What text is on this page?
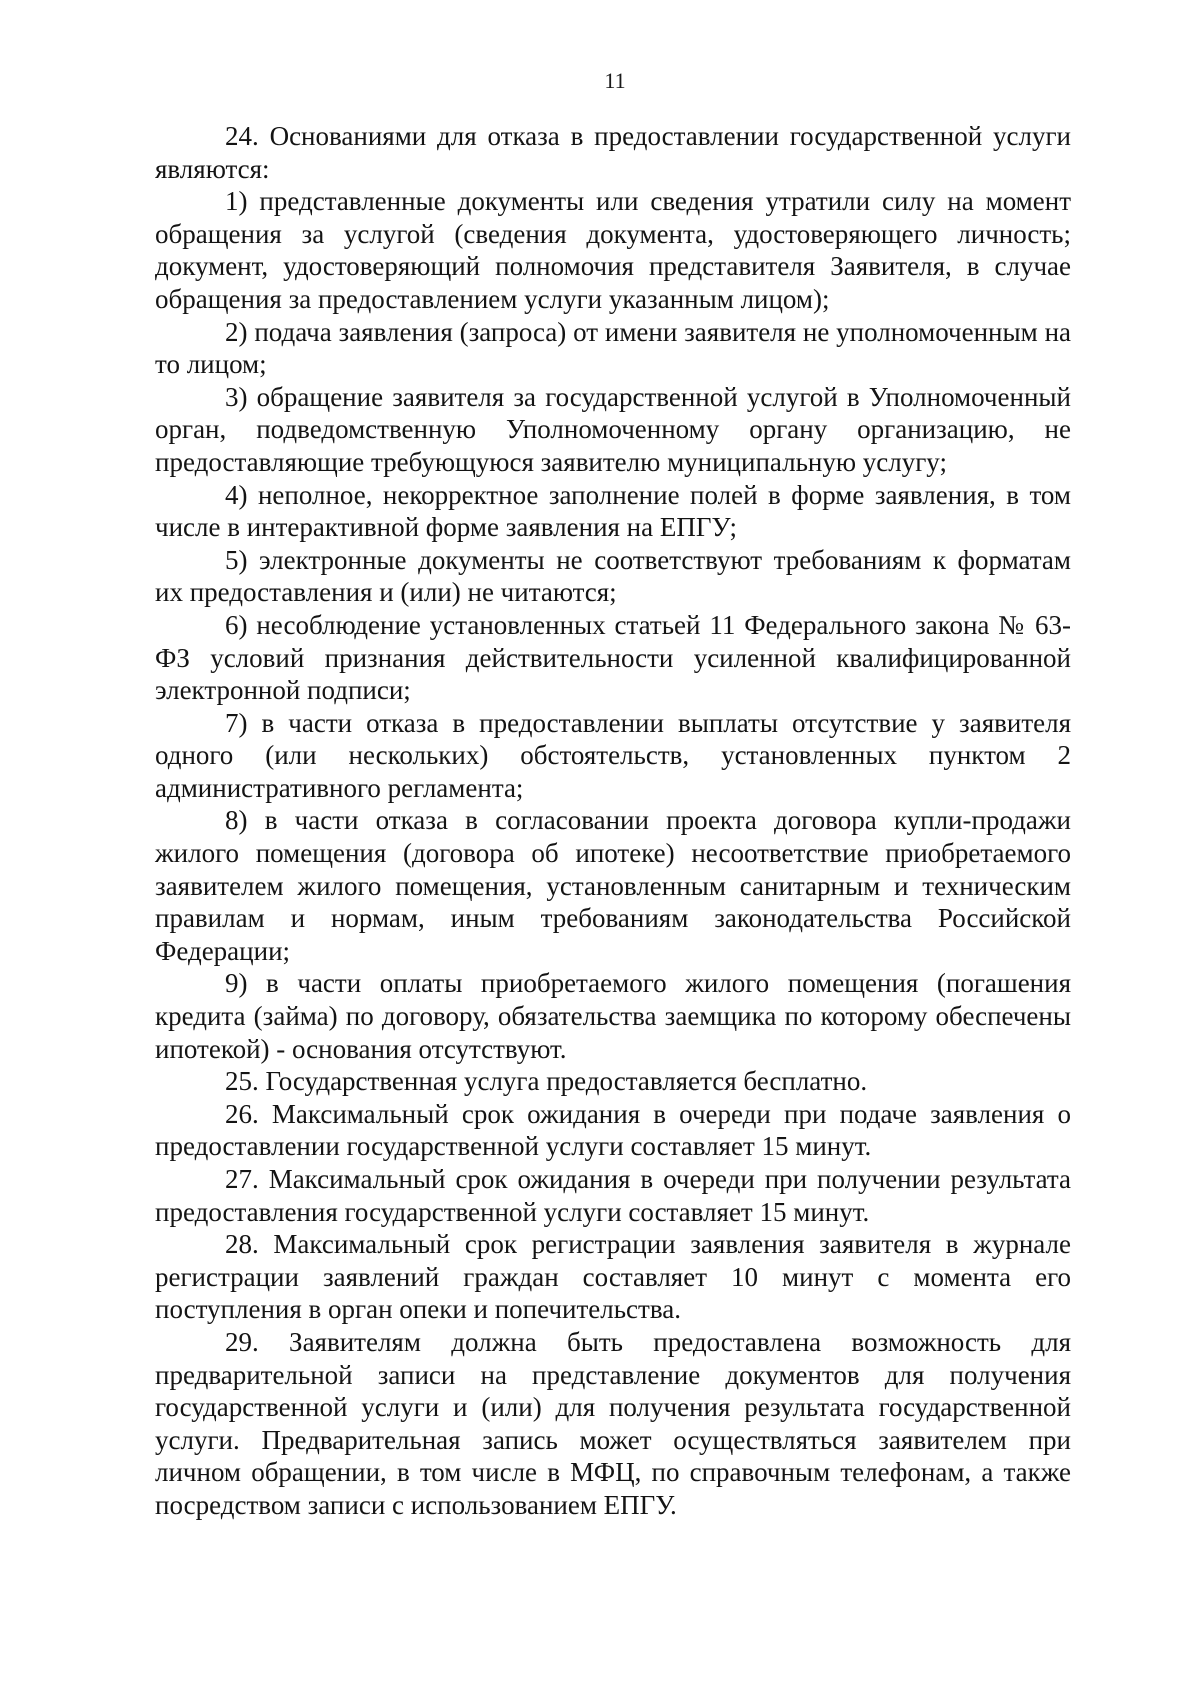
11

24. Основаниями для отказа в предоставлении государственной услуги являются:

1) представленные документы или сведения утратили силу на момент обращения за услугой (сведения документа, удостоверяющего личность; документ, удостоверяющий полномочия представителя Заявителя, в случае обращения за предоставлением услуги указанным лицом);

2) подача заявления (запроса) от имени заявителя не уполномоченным на то лицом;

3) обращение заявителя за государственной услугой в Уполномоченный орган, подведомственную Уполномоченному органу организацию, не предоставляющие требующуюся заявителю муниципальную услугу;

4) неполное, некорректное заполнение полей в форме заявления, в том числе в интерактивной форме заявления на ЕПГУ;

5) электронные документы не соответствуют требованиям к форматам их предоставления и (или) не читаются;

6) несоблюдение установленных статьей 11 Федерального закона № 63-ФЗ условий признания действительности усиленной квалифицированной электронной подписи;

7) в части отказа в предоставлении выплаты отсутствие у заявителя одного (или нескольких) обстоятельств, установленных пунктом 2 административного регламента;

8) в части отказа в согласовании проекта договора купли-продажи жилого помещения (договора об ипотеке) несоответствие приобретаемого заявителем жилого помещения, установленным санитарным и техническим правилам и нормам, иным требованиям законодательства Российской Федерации;

9) в части оплаты приобретаемого жилого помещения (погашения кредита (займа) по договору, обязательства заемщика по которому обеспечены ипотекой) - основания отсутствуют.

25. Государственная услуга предоставляется бесплатно.

26. Максимальный срок ожидания в очереди при подаче заявления о предоставлении государственной услуги составляет 15 минут.

27. Максимальный срок ожидания в очереди при получении результата предоставления государственной услуги составляет 15 минут.

28. Максимальный срок регистрации заявления заявителя в журнале регистрации заявлений граждан составляет 10 минут с момента его поступления в орган опеки и попечительства.

29. Заявителям должна быть предоставлена возможность для предварительной записи на представление документов для получения государственной услуги и (или) для получения результата государственной услуги. Предварительная запись может осуществляться заявителем при личном обращении, в том числе в МФЦ, по справочным телефонам, а также посредством записи с использованием ЕПГУ.
